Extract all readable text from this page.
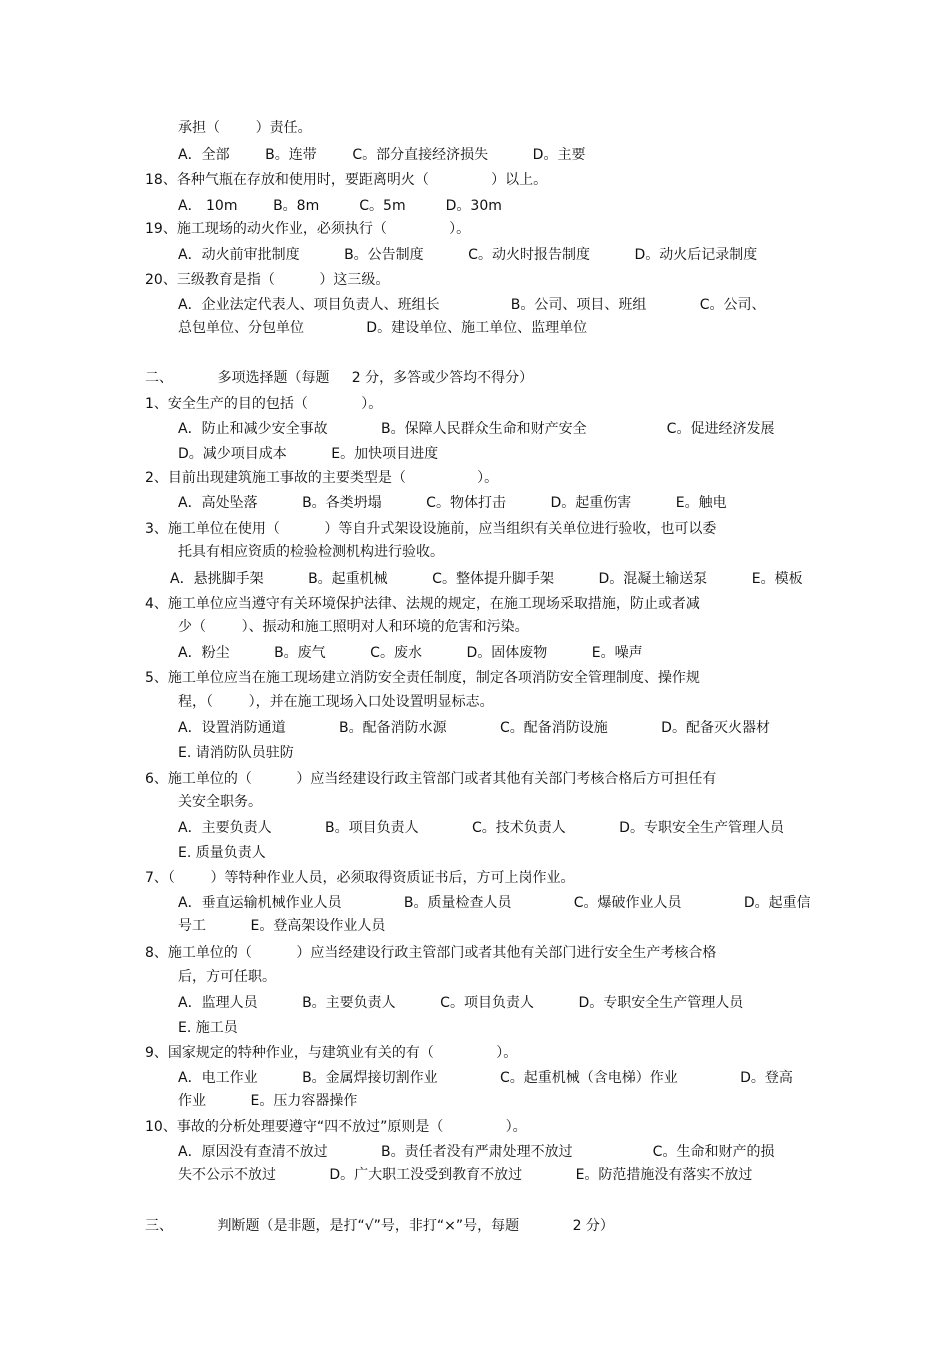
承担（        ）责任。
A．全部        B。连带        C。部分直接经济损失          D。主要
18、各种气瓶在存放和使用时，要距离明火（              ）以上。
A． 10m        B。8m         C。5m         D。30m
19、施工现场的动火作业，必须执行（              ）。
A．动火前审批制度          B。公告制度          C。动火时报告制度          D。动火后记录制度
20、三级教育是指（          ）这三级。
A．企业法定代表人、项目负责人、班组长                B。公司、项目、班组            C。公司、
总包单位、分包单位              D。建设单位、施工单位、监理单位
二、          多项选择题（每题     2 分，多答或少答均不得分）
1、安全生产的目的包括（            ）。
A．防止和减少安全事故            B。保障人民群众生命和财产安全                  C。促进经济发展
D。减少项目成本          E。加快项目进度
2、目前出现建筑施工事故的主要类型是（                ）。
A．高处坠落          B。各类坍塌          C。物体打击          D。起重伤害          E。触电
3、施工单位在使用（          ）等自升式架设设施前，应当组织有关单位进行验收，也可以委
托具有相应资质的检验检测机构进行验收。
A．悬挑脚手架          B。起重机械          C。整体提升脚手架          D。混凝土输送泵          E。模板
4、施工单位应当遵守有关环境保护法律、法规的规定，在施工现场采取措施，防止或者减
少（        ）、振动和施工照明对人和环境的危害和污染。
A．粉尘          B。废气          C。废水          D。固体废物          E。噪声
5、施工单位应当在施工现场建立消防安全责任制度，制定各项消防安全管理制度、操作规
程，（        ），并在施工现场入口处设置明显标志。
A．设置消防通道            B。配备消防水源            C。配备消防设施            D。配备灭火器材
E. 请消防队员驻防
6、施工单位的（          ）应当经建设行政主管部门或者其他有关部门考核合格后方可担任有
关安全职务。
A．主要负责人            B。项目负责人            C。技术负责人            D。专职安全生产管理人员
E. 质量负责人
7、（        ）等特种作业人员，必须取得资质证书后，方可上岗作业。
A．垂直运输机械作业人员              B。质量检查人员              C。爆破作业人员              D。起重信
号工          E。登高架设作业人员
8、施工单位的（          ）应当经建设行政主管部门或者其他有关部门进行安全生产考核合格
后，方可任职。
A．监理人员          B。主要负责人          C。项目负责人          D。专职安全生产管理人员
E. 施工员
9、国家规定的特种作业，与建筑业有关的有（              ）。
A．电工作业          B。金属焊接切割作业              C。起重机械（含电梯）作业              D。登高
作业          E。压力容器操作
10、事故的分析处理要遵守“四不放过”原则是（              ）。
A．原因没有查清不放过            B。责任者没有严肃处理不放过                  C。生命和财产的损
失不公示不放过            D。广大职工没受到教育不放过            E。防范措施没有落实不放过
三、          判断题（是非题，是打“√”号，非打“×”号，每题            2 分）
